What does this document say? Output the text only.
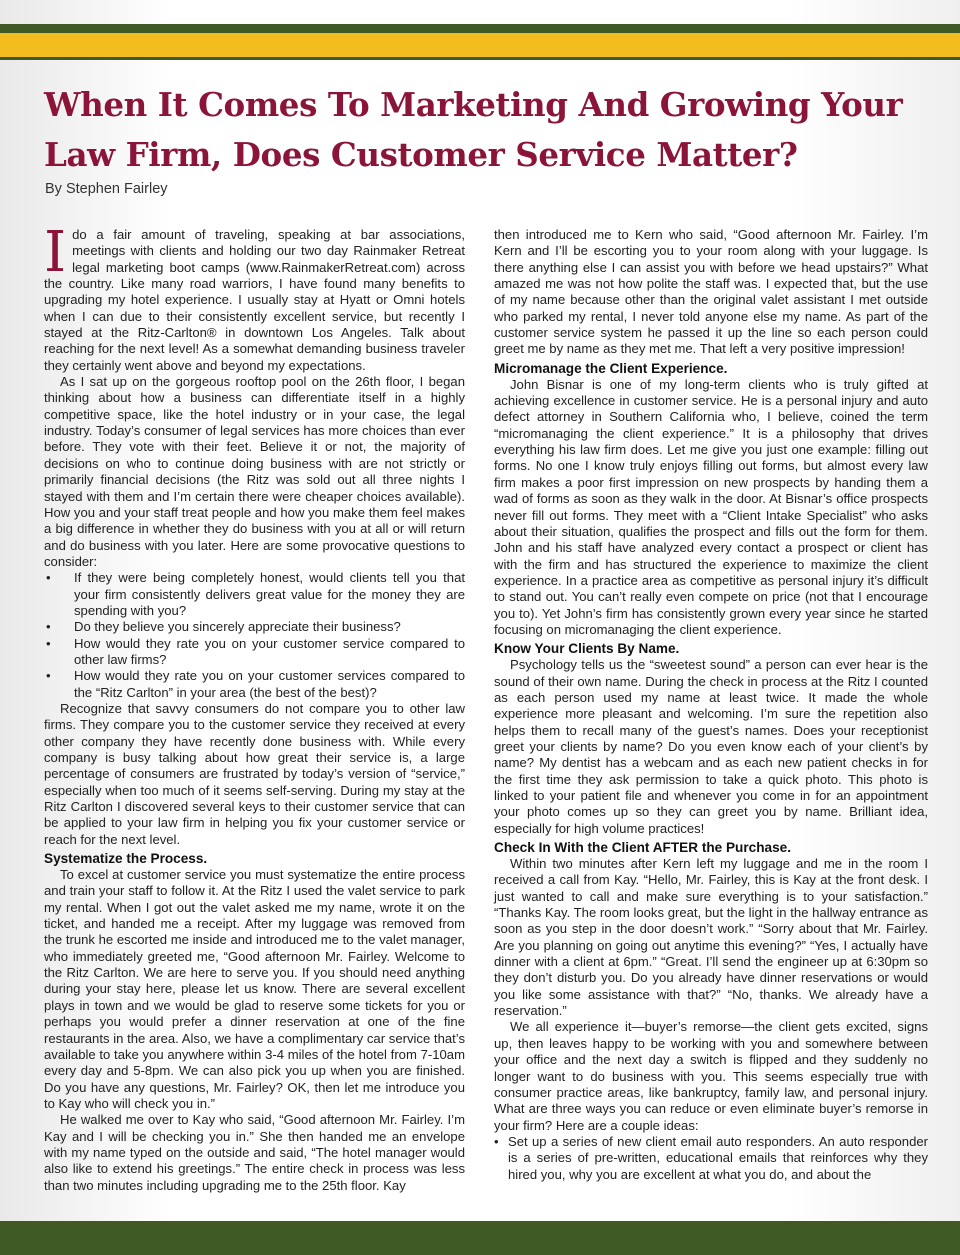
When It Comes To Marketing And Growing Your Law Firm, Does Customer Service Matter?

By Stephen Fairley

Ido a fair amount of traveling, speaking at bar associations, meetings with clients and holding our two day Rainmaker Retreat legal marketing boot camps (www.RainmakerRetreat.com) across the country. Like many road warriors, I have found many benefits to upgrading my hotel experience. I usually stay at Hyatt or Omni hotels when I can due to their consistently excellent service, but recently I stayed at the Ritz-Carlton® in downtown Los Angeles. Talk about reaching for the next level! As a somewhat demanding business traveler they certainly went above and beyond my expectations.

As I sat up on the gorgeous rooftop pool on the 26th floor, I began thinking about how a business can differentiate itself in a highly competitive space, like the hotel industry or in your case, the legal industry. Today’s consumer of legal services has more choices than ever before. They vote with their feet. Believe it or not, the majority of decisions on who to continue doing business with are not strictly or primarily financial decisions (the Ritz was sold out all three nights I stayed with them and I’m certain there were cheaper choices available). How you and your staff treat people and how you make them feel makes a big difference in whether they do business with you at all or will return and do business with you later. Here are some provocative questions to consider:

• If they were being completely honest, would clients tell you that your firm consistently delivers great value for the money they are spending with you?
• Do they believe you sincerely appreciate their business?
• How would they rate you on your customer service compared to other law firms?
• How would they rate you on your customer services compared to the “Ritz Carlton” in your area (the best of the best)?

Recognize that savvy consumers do not compare you to other law firms. They compare you to the customer service they received at every other company they have recently done business with. While every company is busy talking about how great their service is, a large percentage of consumers are frustrated by today’s version of “service,” especially when too much of it seems self-serving. During my stay at the Ritz Carlton I discovered several keys to their customer service that can be applied to your law firm in helping you fix your customer service or reach for the next level.

Systematize the Process.

To excel at customer service you must systematize the entire process and train your staff to follow it. At the Ritz I used the valet service to park my rental. When I got out the valet asked me my name, wrote it on the ticket, and handed me a receipt. After my luggage was removed from the trunk he escorted me inside and introduced me to the valet manager, who immediately greeted me, “Good afternoon Mr. Fairley. Welcome to the Ritz Carlton. We are here to serve you. If you should need anything during your stay here, please let us know. There are several excellent plays in town and we would be glad to reserve some tickets for you or perhaps you would prefer a dinner reservation at one of the fine restaurants in the area. Also, we have a complimentary car service that’s available to take you anywhere within 3-4 miles of the hotel from 7-10am every day and 5-8pm. We can also pick you up when you are finished. Do you have any questions, Mr. Fairley? OK, then let me introduce you to Kay who will check you in.”

He walked me over to Kay who said, “Good afternoon Mr. Fairley. I’m Kay and I will be checking you in.” She then handed me an envelope with my name typed on the outside and said, “The hotel manager would also like to extend his greetings.” The entire check in process was less than two minutes including upgrading me to the 25th floor. Kay

then introduced me to Kern who said, “Good afternoon Mr. Fairley. I’m Kern and I’ll be escorting you to your room along with your luggage. Is there anything else I can assist you with before we head upstairs?” What amazed me was not how polite the staff was. I expected that, but the use of my name because other than the original valet assistant I met outside who parked my rental, I never told anyone else my name. As part of the customer service system he passed it up the line so each person could greet me by name as they met me. That left a very positive impression!

Micromanage the Client Experience.

John Bisnar is one of my long-term clients who is truly gifted at achieving excellence in customer service. He is a personal injury and auto defect attorney in Southern California who, I believe, coined the term “micromanaging the client experience.” It is a philosophy that drives everything his law firm does. Let me give you just one example: filling out forms. No one I know truly enjoys filling out forms, but almost every law firm makes a poor first impression on new prospects by handing them a wad of forms as soon as they walk in the door. At Bisnar’s office prospects never fill out forms. They meet with a “Client Intake Specialist” who asks about their situation, qualifies the prospect and fills out the form for them. John and his staff have analyzed every contact a prospect or client has with the firm and has structured the experience to maximize the client experience. In a practice area as competitive as personal injury it’s difficult to stand out. You can’t really even compete on price (not that I encourage you to). Yet John’s firm has consistently grown every year since he started focusing on micromanaging the client experience.

Know Your Clients By Name.

Psychology tells us the “sweetest sound” a person can ever hear is the sound of their own name. During the check in process at the Ritz I counted as each person used my name at least twice. It made the whole experience more pleasant and welcoming. I’m sure the repetition also helps them to recall many of the guest’s names. Does your receptionist greet your clients by name? Do you even know each of your client’s by name? My dentist has a webcam and as each new patient checks in for the first time they ask permission to take a quick photo. This photo is linked to your patient file and whenever you come in for an appointment your photo comes up so they can greet you by name. Brilliant idea, especially for high volume practices!

Check In With the Client AFTER the Purchase.

Within two minutes after Kern left my luggage and me in the room I received a call from Kay. “Hello, Mr. Fairley, this is Kay at the front desk. I just wanted to call and make sure everything is to your satisfaction.” “Thanks Kay. The room looks great, but the light in the hallway entrance as soon as you step in the door doesn’t work.” “Sorry about that Mr. Fairley. Are you planning on going out anytime this evening?” “Yes, I actually have dinner with a client at 6pm.” “Great. I’ll send the engineer up at 6:30pm so they don’t disturb you. Do you already have dinner reservations or would you like some assistance with that?” “No, thanks. We already have a reservation.”

We all experience it—buyer’s remorse—the client gets excited, signs up, then leaves happy to be working with you and somewhere between your office and the next day a switch is flipped and they suddenly no longer want to do business with you. This seems especially true with consumer practice areas, like bankruptcy, family law, and personal injury. What are three ways you can reduce or even eliminate buyer’s remorse in your firm? Here are a couple ideas:

• Set up a series of new client email auto responders. An auto responder is a series of pre-written, educational emails that reinforces why they hired you, why you are excellent at what you do, and about the
